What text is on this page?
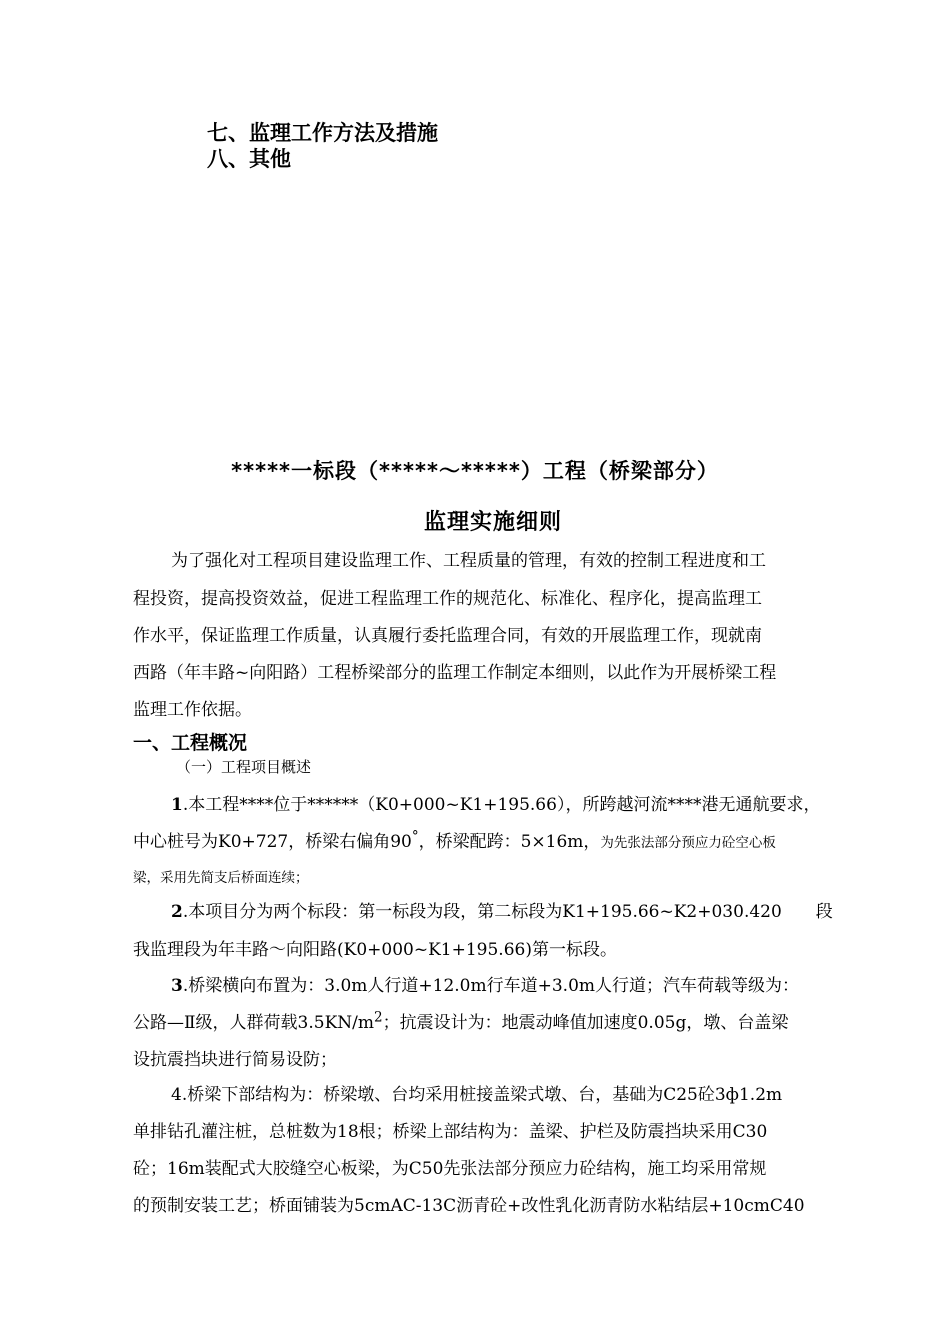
七、监理工作方法及措施
八、其他
*****一标段（*****～*****）工程（桥梁部分）
监理实施细则
为了强化对工程项目建设监理工作、工程质量的管理，有效的控制工程进度和工
程投资，提高投资效益，促进工程监理工作的规范化、标准化、程序化，提高监理工
作水平，保证监理工作质量，认真履行委托监理合同，有效的开展监理工作，现就南
西路（年丰路~向阳路）工程桥梁部分的监理工作制定本细则，以此作为开展桥梁工程
监理工作依据。
一、工程概况
（一）工程项目概述
1.本工程****位于******（K0+000~K1+195.66），所跨越河流****港无通航要求，
中心桩号为K0+727，桥梁右偏角90°，桥梁配跨：5×16m，为先张法部分预应力砼空心板
梁，采用先简支后桥面连续；
2.本项目分为两个标段：第一标段为段，第二标段为K1+195.66~K2+030.420　　段
我监理段为年丰路～向阳路(K0+000~K1+195.66)第一标段。
3.桥梁横向布置为：3.0m人行道+12.0m行车道+3.0m人行道；汽车荷载等级为：
公路—Ⅱ级，人群荷载$3.5KN/m^2$；抗震设计为：地震动峰值加速度0.05g，墩、台盖梁
设抗震挡块进行简易设防；
4.桥梁下部结构为：桥梁墩、台均采用桩接盖梁式墩、台，基础为C25砼3ф1.2m
单排钻孔灌注桩，总桩数为18根；桥梁上部结构为：盖梁、护栏及防震挡块采用C30
砼；16m装配式大胶缝空心板梁，为C50先张法部分预应力砼结构，施工均采用常规
的预制安装工艺；桥面铺装为5cmAC-13C沥青砼+改性乳化沥青防水粘结层+10cmC40
